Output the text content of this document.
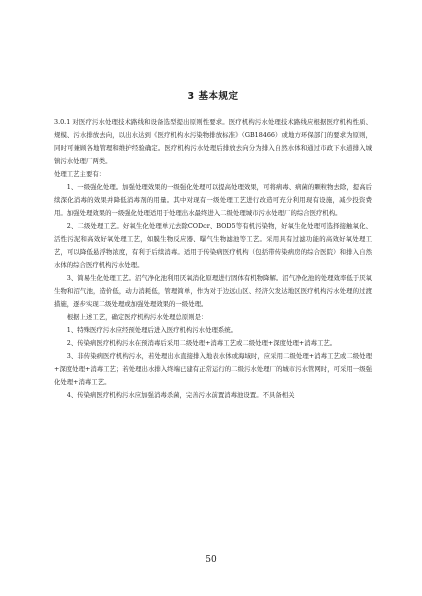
3 基本规定

3.0.1 对医疗污水处理技术路线和设备选型提出原则性要求。医疗机构污水处理技术路线应根据医疗机构性质、规模、污水排放去向，以出水达到《医疗机构水污染物排放标准》（GB18466）或地方环保部门的要求为原则，同时可兼顾各地管理和维护经验确定。医疗机构污水处理后排放去向分为排入自然水体和通过市政下水道排入城镇污水处理厂两类。

处理工艺主要有：

1、一级强化处理。加强处理效果的一级强化处理可以提高处理效果，可将病毒、病菌的颗粒物去除，提高后续深化消毒的效果并降低消毒剂的用量。其中对现有一级处理工艺进行改造可充分利用现有设施，减少投资费用。加强处理效果的一级强化处理适用于处理出水最终进入二级处理城市污水处理厂的综合医疗机构。

2、二级处理工艺。好氧生化处理单元去除CODcr、BOD5等有机污染物，好氧生化处理可选择接触氧化、活性污泥和高效好氧处理工艺，如膜生物反应器、曝气生物滤池等工艺。采用具有过滤功能的高效好氧处理工艺，可以降低悬浮物浓度，有利于后续消毒。适用于传染病医疗机构（包括带传染病房的综合医院）和排入自然水体的综合医疗机构污水处理。

3、简易生化处理工艺。沼气净化池利用厌氧消化原理进行固体有机物降解。沼气净化池的处理效率低于厌氧生物和沼气池，造价低，动力消耗低，管理简单，作为对于边远山区、经济欠发达地区医疗机构污水处理的过渡措施，逐步实现二级处理或加强处理效果的一级处理。

根据上述工艺，确定医疗机构污水处理总原则是：

1、特殊医疗污水应经预处理后进入医疗机构污水处理系统。

2、传染病医疗机构污水在预消毒后采用二级处理+消毒工艺或二级处理+深度处理+消毒工艺。

3、非传染病医疗机构污水，若处理出水直接排入地表水体或海域时，应采用二级处理+消毒工艺或二级处理+深度处理+消毒工艺；若处理出水排入终端已建有正常运行的二级污水处理厂的城市污水管网时，可采用一级强化处理+消毒工艺。

4、传染病医疗机构污水应加强消毒杀菌，完善污水前置消毒池设置。不具备相关

50
